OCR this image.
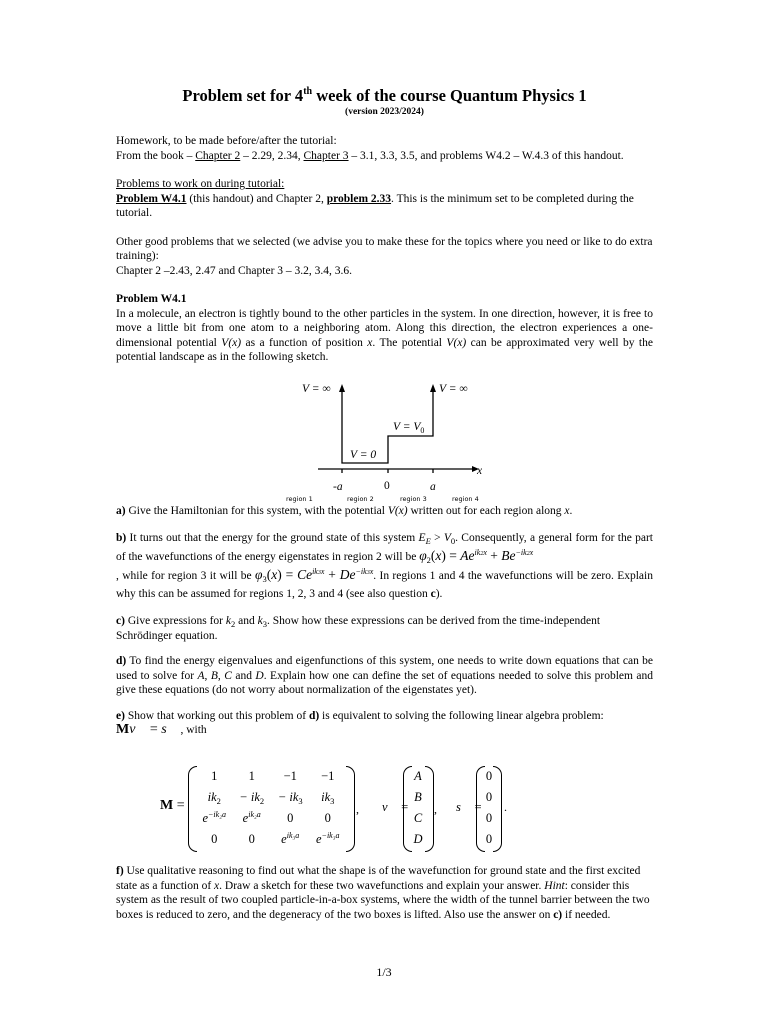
Problem set for 4th week of the course Quantum Physics 1

(version 2023/2024)

Homework, to be made before/after the tutorial:

From the book – Chapter 2 – 2.29, 2.34, Chapter 3 – 3.1, 3.3, 3.5, and problems W4.2 – W.4.3 of this handout.

Problems to work on during tutorial:

Problem W4.1 (this handout) and Chapter 2, problem 2.33. This is the minimum set to be completed during the tutorial.

Other good problems that we selected (we advise you to make these for the topics where you need or like to do extra training):

Chapter 2 –2.43, 2.47 and Chapter 3 – 3.2, 3.4, 3.6.

Problem W4.1

In a molecule, an electron is tightly bound to the other particles in the system. In one direction, however, it is free to move a little bit from one atom to a neighboring atom. Along this direction, the electron experiences a one-dimensional potential V(x) as a function of position x. The potential V(x) can be approximated very well by the potential landscape as in the following sketch.

a) Give the Hamiltonian for this system, with the potential V(x) written out for each region along x.

b) It turns out that the energy for the ground state of this system $E_E > V_0$. Consequently, a general form for the part of the wavefunctions of the energy eigenstates in region 2 will be $\varphi_2(x) = Ae^{ik2x} + Be^{-ik2x}$
, while for region 3 it will be $\varphi_3(x) = Ce^{ik3x} + De^{-ik3x}$. In regions 1 and 4 the wavefunctions will be zero. Explain why this can be assumed for regions 1, 2, 3 and 4 (see also question c).

c) Give expressions for $k_2$ and $k_3$. Show how these expressions can be derived from the time-independent Schrödinger equation.

d) To find the energy eigenvalues and eigenfunctions of this system, one needs to write down equations that can be used to solve for A, B, C and D. Explain how one can define the set of equations needed to solve this problem and give these equations (do not worry about normalization of the eigenstates yet).

e) Show that working out this problem of d) is equivalent to solving the following linear algebra problem:

Mv⃗ = s⃗ , with

V = ∞	V = ∞
V = 0
$V = V_0$
x
-a	0	a
region 1	region 2	region 3	region 4
M =
1	1	−1	−1
$ik_2$	− $ik_2$	− $ik_3$	$ik_3$
$e^{-ik_2a}$	$e^{ik_2a}$	0	0
0	0	$e^{ik_3a}$	$e^{-ik_3a}$
, v⃗ =
A
B
C
D
, s⃗ =
0
0
0
0
.

f) Use qualitative reasoning to find out what the shape is of the wavefunction for ground state and the first excited state as a function of x. Draw a sketch for these two wavefunctions and explain your answer. Hint: consider this system as the result of two coupled particle-in-a-box systems, where the width of the tunnel barrier between the two boxes is reduced to zero, and the degeneracy of the two boxes is lifted. Also use the answer on c) if needed.

1/3
